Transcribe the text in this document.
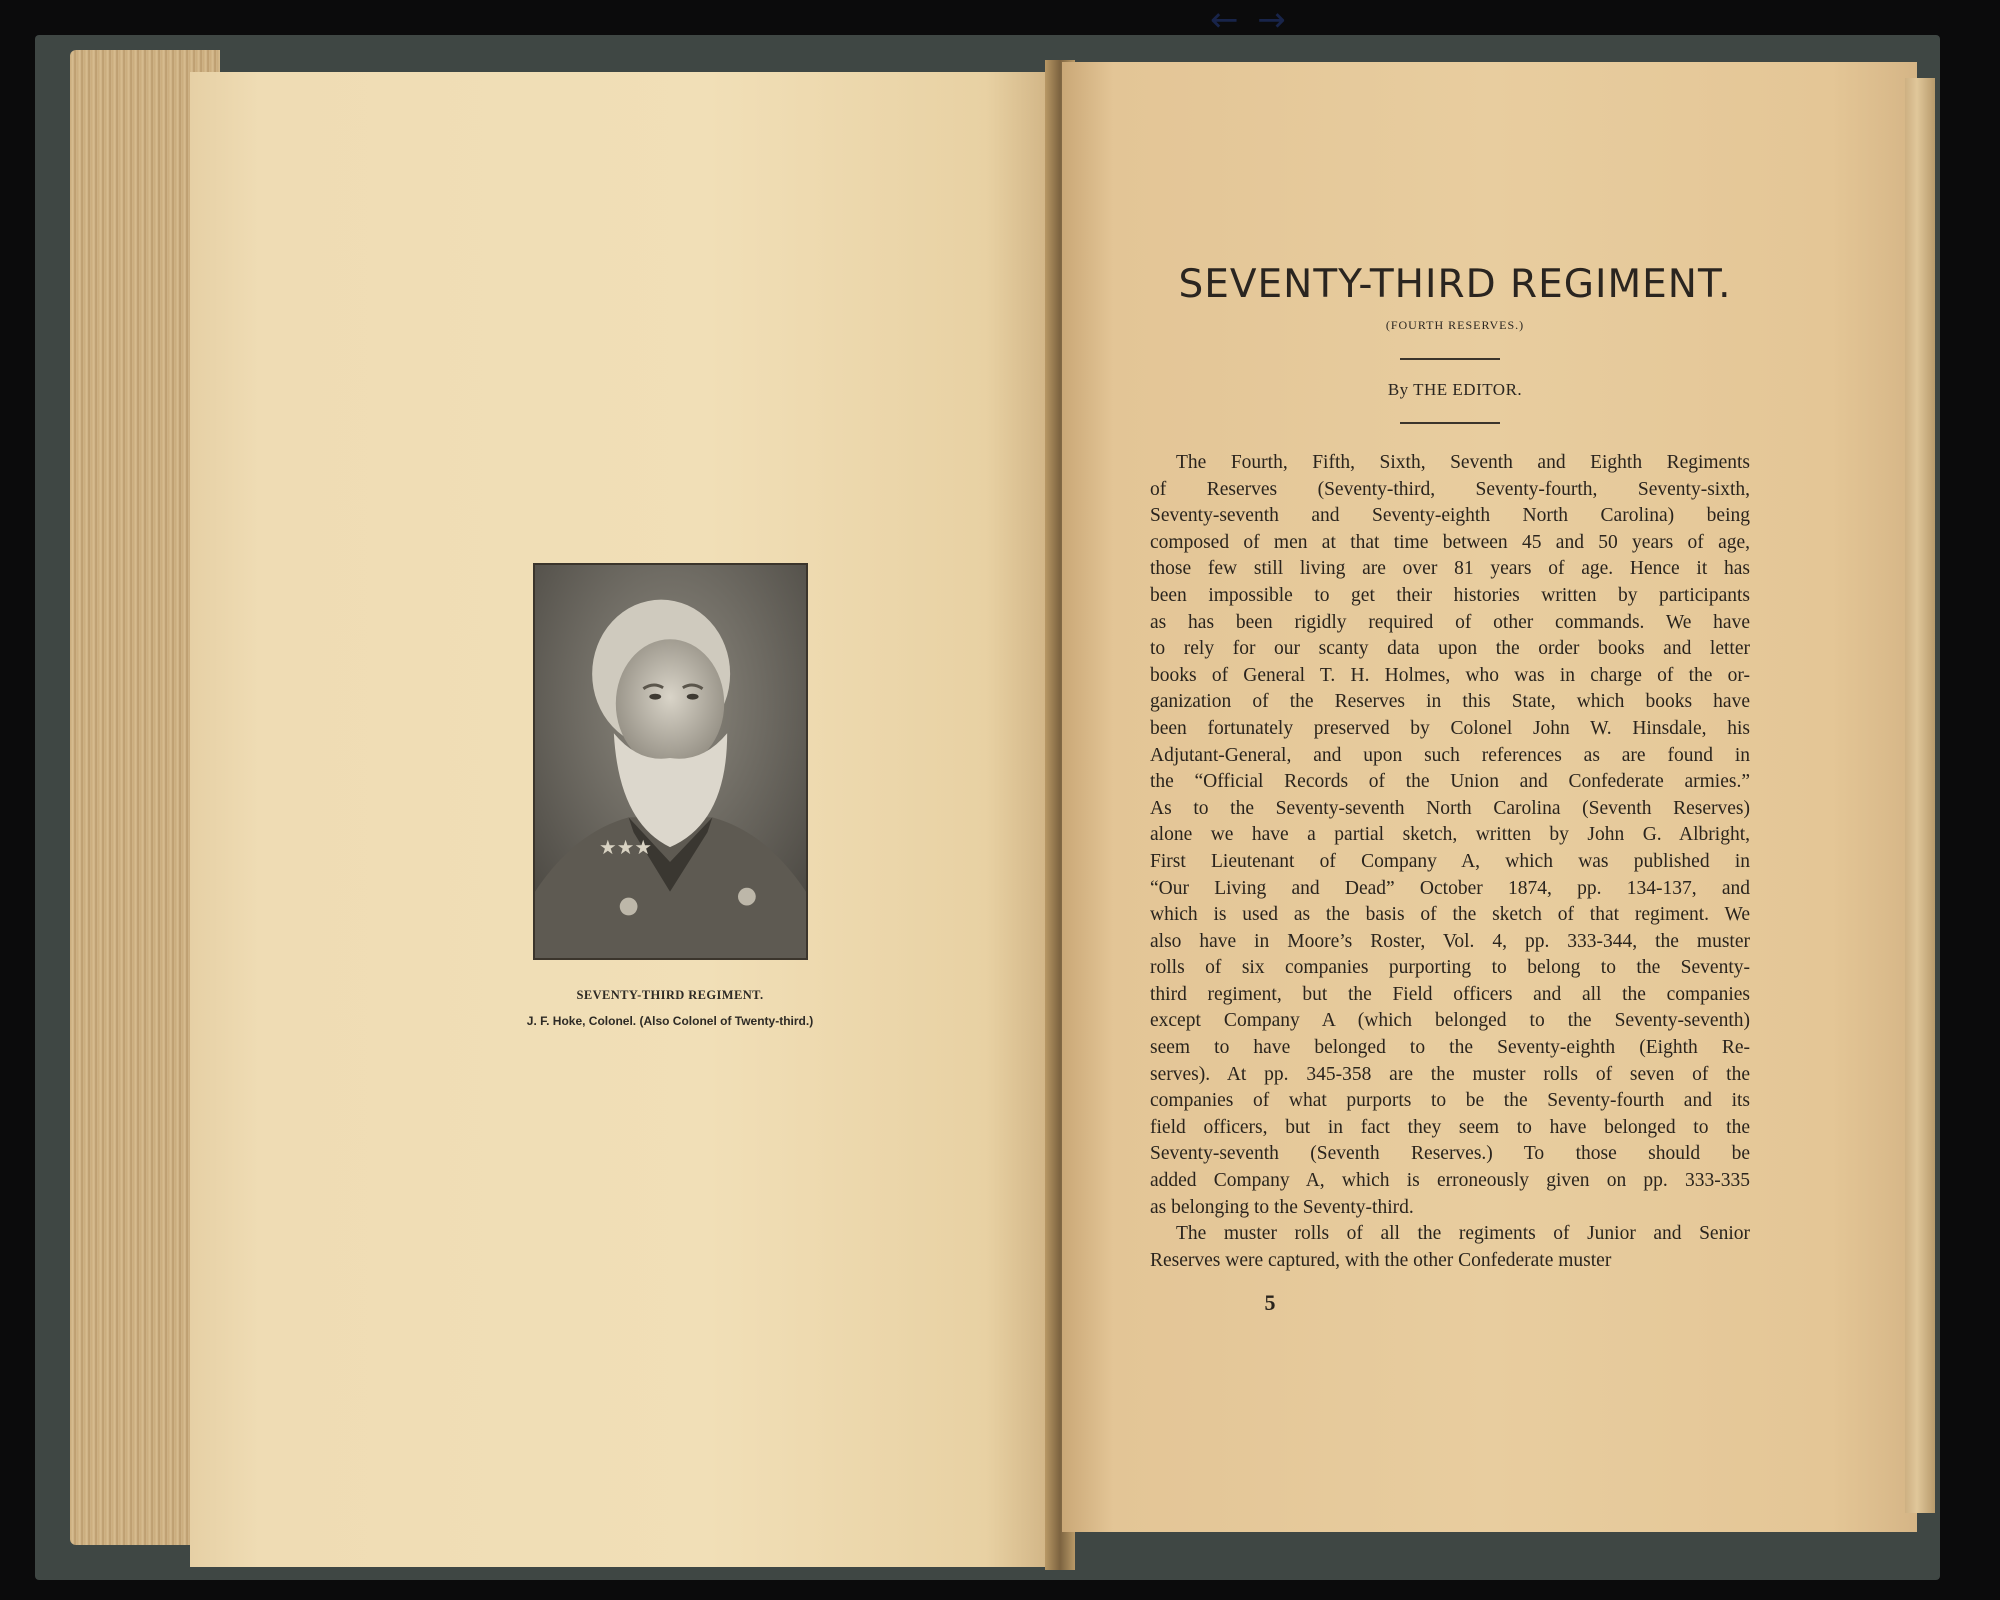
← →
★★★
SEVENTY-THIRD REGIMENT.
J. F. Hoke, Colonel. (Also Colonel of Twenty-third.)
SEVENTY-THIRD REGIMENT.
(FOURTH RESERVES.)
By THE EDITOR.
The Fourth, Fifth, Sixth, Seventh and Eighth Regiments
of Reserves (Seventy-third, Seventy-fourth, Seventy-sixth,
Seventy-seventh and Seventy-eighth North Carolina) being
composed of men at that time between 45 and 50 years of age,
those few still living are over 81 years of age. Hence it has
been impossible to get their histories written by participants
as has been rigidly required of other commands. We have
to rely for our scanty data upon the order books and letter
books of General T. H. Holmes, who was in charge of the or-
ganization of the Reserves in this State, which books have
been fortunately preserved by Colonel John W. Hinsdale, his
Adjutant-General, and upon such references as are found in
the “Official Records of the Union and Confederate armies.”
As to the Seventy-seventh North Carolina (Seventh Reserves)
alone we have a partial sketch, written by John G. Albright,
First Lieutenant of Company A, which was published in
“Our Living and Dead” October 1874, pp. 134-137, and
which is used as the basis of the sketch of that regiment. We
also have in Moore’s Roster, Vol. 4, pp. 333-344, the muster
rolls of six companies purporting to belong to the Seventy-
third regiment, but the Field officers and all the companies
except Company A (which belonged to the Seventy-seventh)
seem to have belonged to the Seventy-eighth (Eighth Re-
serves). At pp. 345-358 are the muster rolls of seven of the
companies of what purports to be the Seventy-fourth and its
field officers, but in fact they seem to have belonged to the
Seventy-seventh (Seventh Reserves.) To those should be
added Company A, which is erroneously given on pp. 333-335
as belonging to the Seventy-third.
The muster rolls of all the regiments of Junior and Senior
Reserves were captured, with the other Confederate muster
5
